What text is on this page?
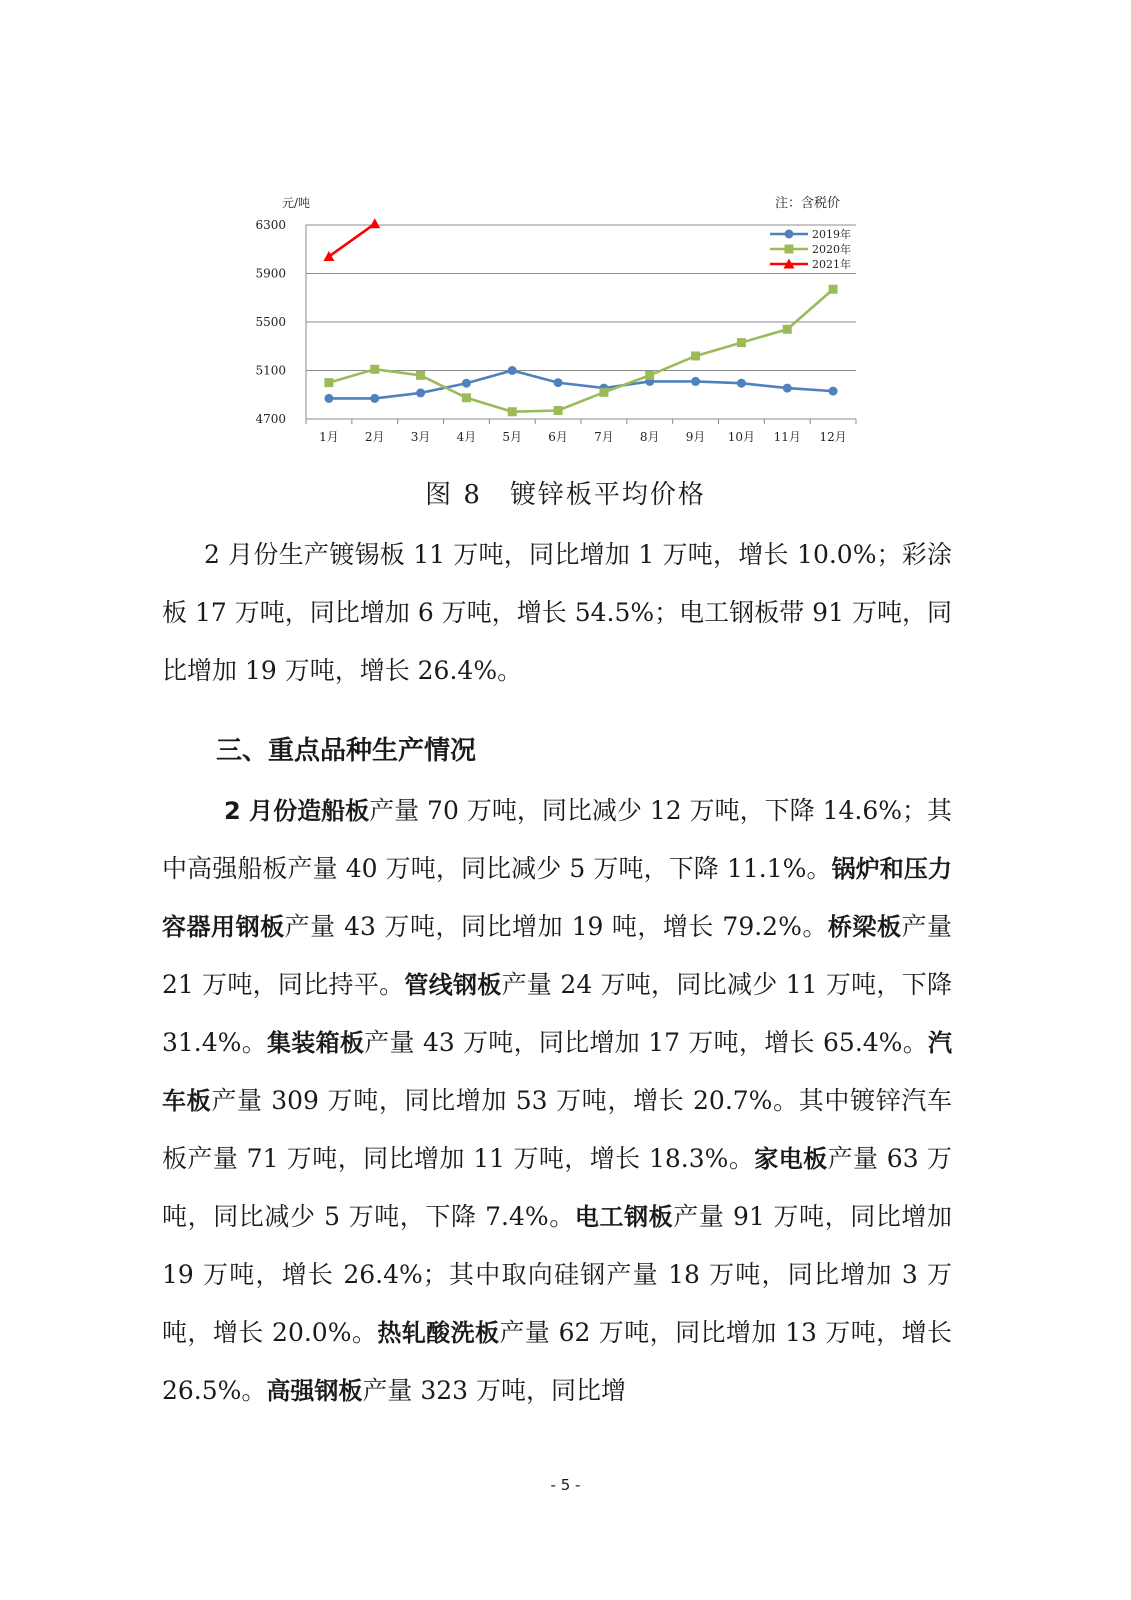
4700
5100
5500
5900
6300
1月 2月 3月 4月 5月 6月 7月 8月 9月 10月 11月 12月
元/吨	注：含税价
2019年
2020年
2021年
图 8　镀锌板平均价格
2 月份生产镀锡板 11 万吨，同比增加 1 万吨，增长 10.0%；彩涂板 17 万吨，同比增加 6 万吨，增长 54.5%；电工钢板带 91 万吨，同比增加 19 万吨，增长 26.4%。
三、重点品种生产情况
2 月份造船板产量 70 万吨，同比减少 12 万吨，下降 14.6%；其中高强船板产量 40 万吨，同比减少 5 万吨，下降 11.1%。锅炉和压力容器用钢板产量 43 万吨，同比增加 19 吨，增长 79.2%。桥梁板产量 21 万吨，同比持平。管线钢板产量 24 万吨，同比减少 11 万吨，下降 31.4%。集装箱板产量 43 万吨，同比增加 17 万吨，增长 65.4%。汽车板产量 309 万吨，同比增加 53 万吨，增长 20.7%。其中镀锌汽车板产量 71 万吨，同比增加 11 万吨，增长 18.3%。家电板产量 63 万吨，同比减少 5 万吨，下降 7.4%。电工钢板产量 91 万吨，同比增加 19 万吨，增长 26.4%；其中取向硅钢产量 18 万吨，同比增加 3 万吨，增长 20.0%。热轧酸洗板产量 62 万吨，同比增加 13 万吨，增长 26.5%。高强钢板产量 323 万吨，同比增
- 5 -
